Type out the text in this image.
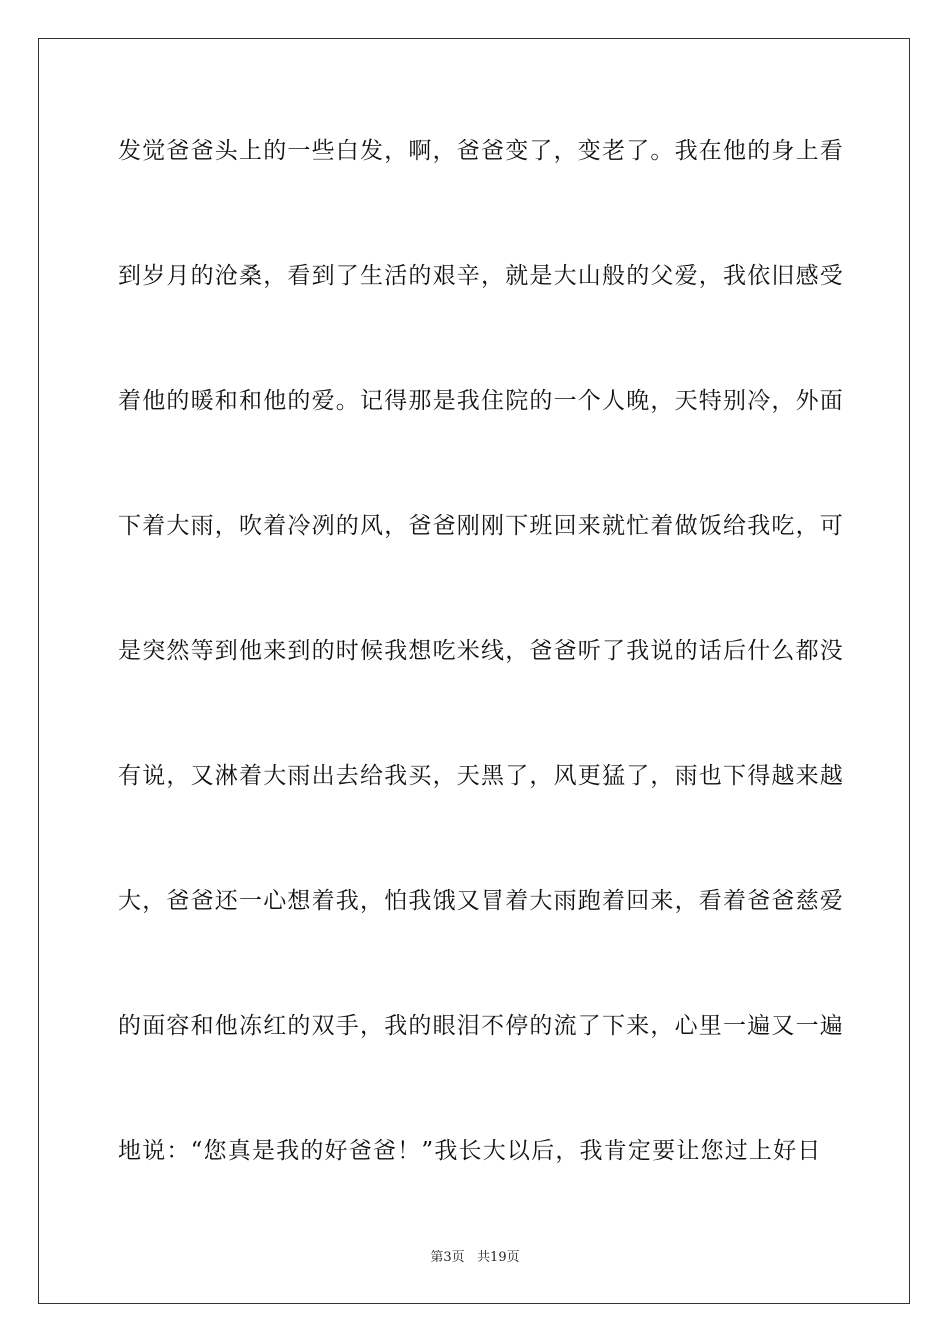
发觉爸爸头上的一些白发，啊，爸爸变了，变老了。我在他的身上看
到岁月的沧桑，看到了生活的艰辛，就是大山般的父爱，我依旧感受
着他的暖和和他的爱。记得那是我住院的一个人晚，天特别冷，外面
下着大雨，吹着冷冽的风，爸爸刚刚下班回来就忙着做饭给我吃，可
是突然等到他来到的时候我想吃米线，爸爸听了我说的话后什么都没
有说，又淋着大雨出去给我买，天黑了，风更猛了，雨也下得越来越
大，爸爸还一心想着我，怕我饿又冒着大雨跑着回来，看着爸爸慈爱
的面容和他冻红的双手，我的眼泪不停的流了下来，心里一遍又一遍
地说：“您真是我的好爸爸！”我长大以后，我肯定要让您过上好日
第3页   共19页
